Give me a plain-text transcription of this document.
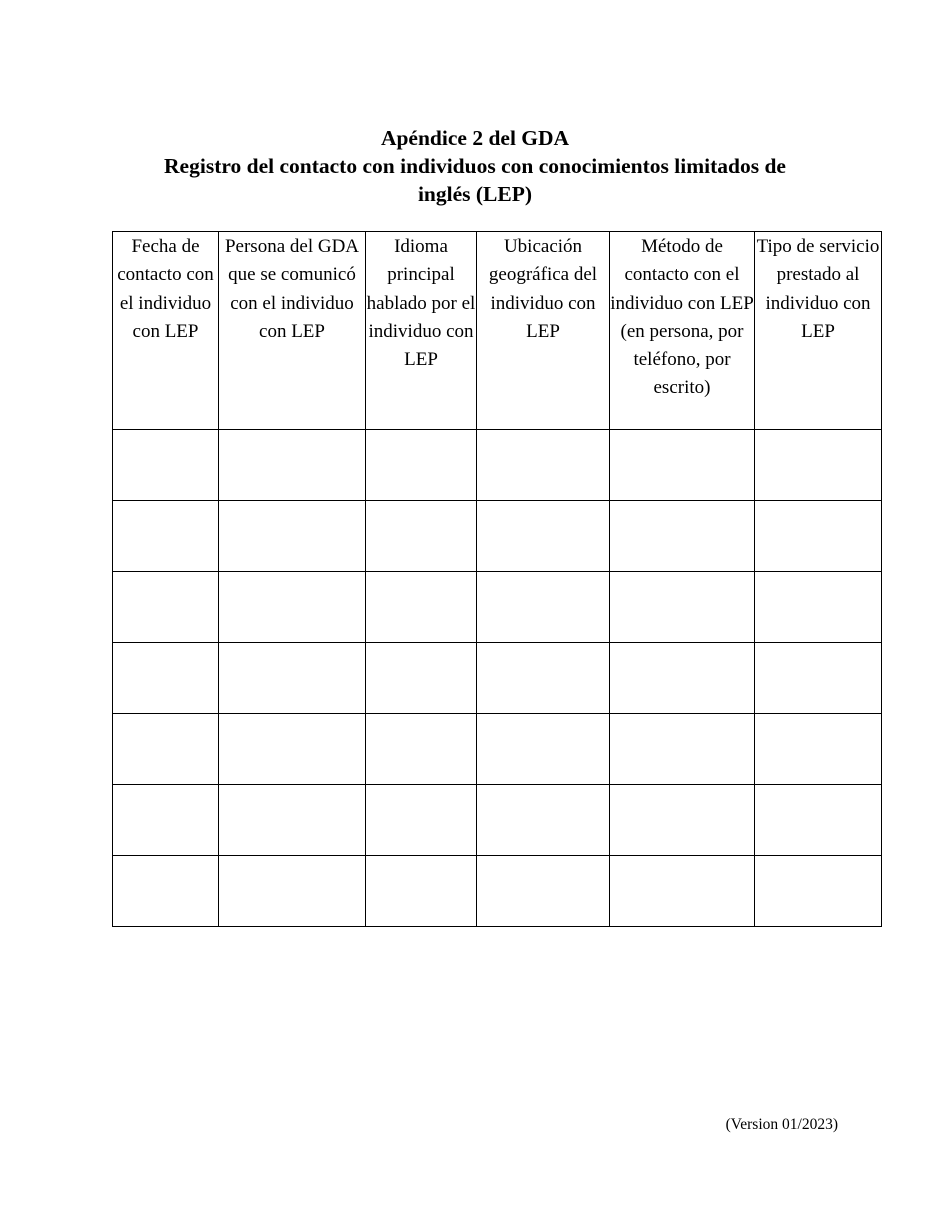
Apéndice 2 del GDA
Registro del contacto con individuos con conocimientos limitados de
inglés (LEP)
Fecha de contacto con el individuo con LEP	Persona del GDA que se comunicó con el individuo con LEP	Idioma principal hablado por el individuo con LEP	Ubicación geográfica del individuo con LEP	Método de contacto con el individuo con LEP (en persona, por teléfono, por escrito)	Tipo de servicio prestado al individuo con LEP

(Version 01/2023)
